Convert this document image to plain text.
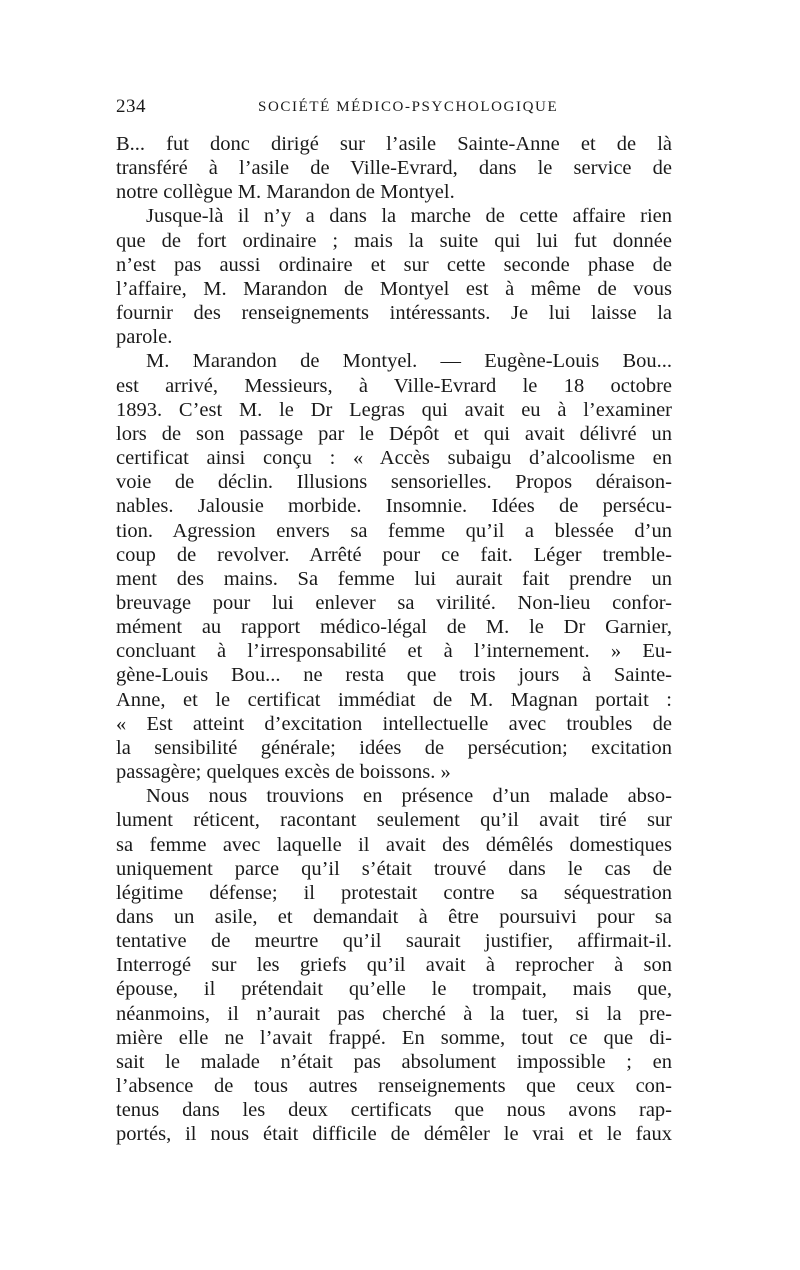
234	SOCIÉTÉ MÉDICO-PSYCHOLOGIQUE
B... fut donc dirigé sur l’asile Sainte-Anne et de là
transféré à l’asile de Ville-Evrard, dans le service de
notre collègue M. Marandon de Montyel.
Jusque-là il n’y a dans la marche de cette affaire rien
que de fort ordinaire ; mais la suite qui lui fut donnée
n’est pas aussi ordinaire et sur cette seconde phase de
l’affaire, M. Marandon de Montyel est à même de vous
fournir des renseignements intéressants. Je lui laisse la
parole.
M. Marandon de Montyel. — Eugène-Louis Bou...
est arrivé, Messieurs, à Ville-Evrard le 18 octobre
1893. C’est M. le Dr Legras qui avait eu à l’examiner
lors de son passage par le Dépôt et qui avait délivré un
certificat ainsi conçu : « Accès subaigu d’alcoolisme en
voie de déclin. Illusions sensorielles. Propos déraison-
nables. Jalousie morbide. Insomnie. Idées de persécu-
tion. Agression envers sa femme qu’il a blessée d’un
coup de revolver. Arrêté pour ce fait. Léger tremble-
ment des mains. Sa femme lui aurait fait prendre un
breuvage pour lui enlever sa virilité. Non-lieu confor-
mément au rapport médico-légal de M. le Dr Garnier,
concluant à l’irresponsabilité et à l’internement. » Eu-
gène-Louis Bou... ne resta que trois jours à Sainte-
Anne, et le certificat immédiat de M. Magnan portait :
« Est atteint d’excitation intellectuelle avec troubles de
la sensibilité générale; idées de persécution; excitation
passagère; quelques excès de boissons. »
Nous nous trouvions en présence d’un malade abso-
lument réticent, racontant seulement qu’il avait tiré sur
sa femme avec laquelle il avait des démêlés domestiques
uniquement parce qu’il s’était trouvé dans le cas de
légitime défense; il protestait contre sa séquestration
dans un asile, et demandait à être poursuivi pour sa
tentative de meurtre qu’il saurait justifier, affirmait-il.
Interrogé sur les griefs qu’il avait à reprocher à son
épouse, il prétendait qu’elle le trompait, mais que,
néanmoins, il n’aurait pas cherché à la tuer, si la pre-
mière elle ne l’avait frappé. En somme, tout ce que di-
sait le malade n’était pas absolument impossible ; en
l’absence de tous autres renseignements que ceux con-
tenus dans les deux certificats que nous avons rap-
portés, il nous était difficile de démêler le vrai et le faux
